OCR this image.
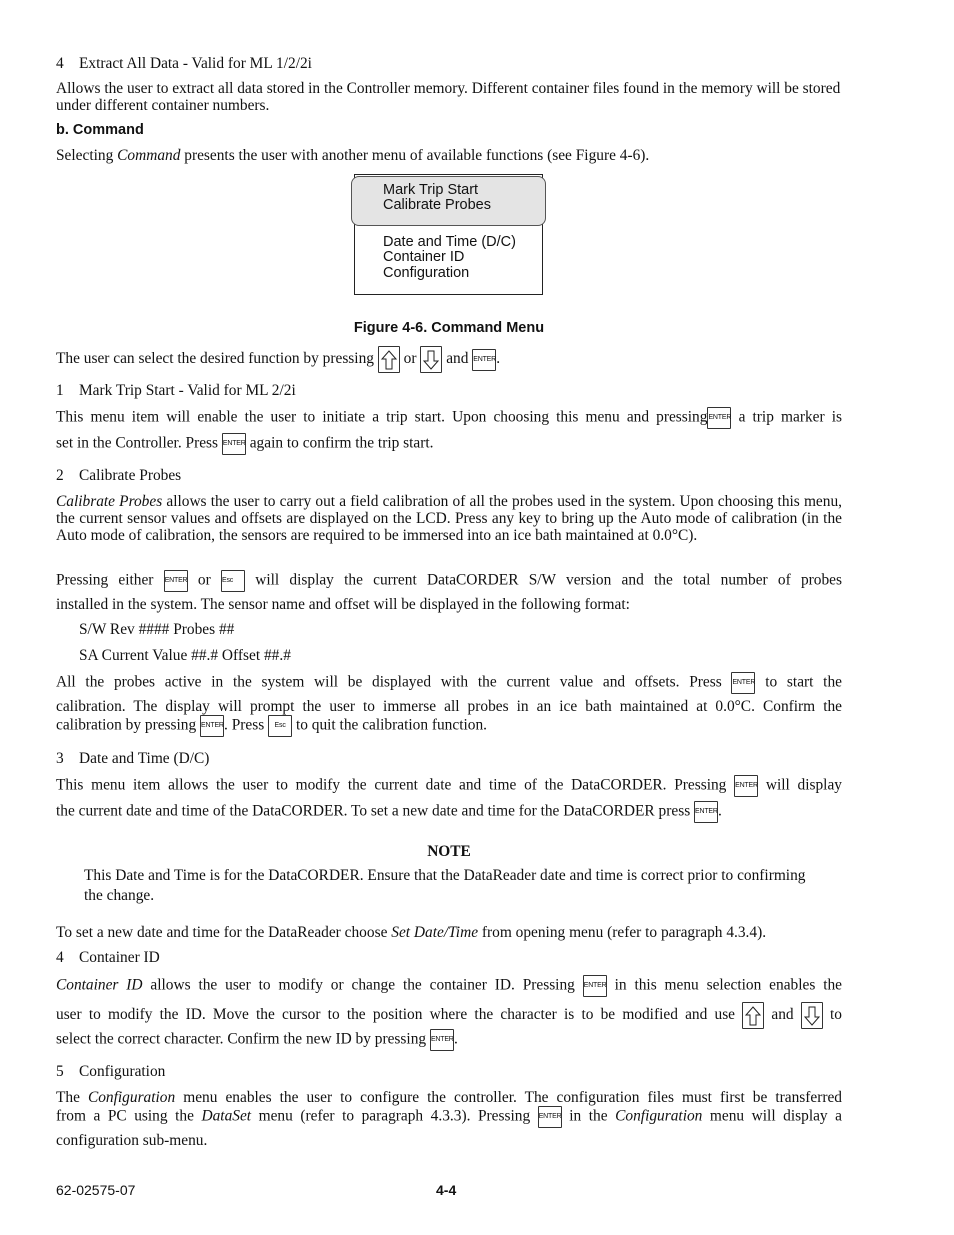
4 Extract All Data - Valid for ML 1/2/2i

Allows the user to extract all data stored in the Controller memory. Different container files found in the memory will be stored under different container numbers.

b. Command

Selecting Command presents the user with another menu of available functions (see Figure 4-6).

Mark Trip Start
Calibrate Probes
Date and Time (D/C)
Container ID
Configuration
Figure 4-6. Command Menu

The user can select the desired function by pressing
or
and ENTER.

1 Mark Trip Start - Valid for ML 2/2i

This menu item will enable the user to initiate a trip start. Upon choosing this menu and pressingENTER a trip marker is

set in the Controller. Press ENTER again to confirm the trip start.

2 Calibrate Probes

Calibrate Probes allows the user to carry out a field calibration of all the probes used in the system. Upon choosing this menu, the current sensor values and offsets are displayed on the LCD. Press any key to bring up the Auto mode of calibration (in the Auto mode of calibration, the sensors are required to be immersed into an ice bath maintained at 0.0°C).

Pressing either ENTER or Esc will display the current DataCORDER S/W version and the total number of probes

installed in the system. The sensor name and offset will be displayed in the following format:

S/W Rev #### Probes ##

SA Current Value ##.# Offset ##.#

All the probes active in the system will be displayed with the current value and offsets. Press ENTER to start the

calibration. The display will prompt the user to immerse all probes in an ice bath maintained at 0.0°C. Confirm the

calibration by pressing ENTER. Press Esc to quit the calibration function.

3 Date and Time (D/C)

This menu item allows the user to modify the current date and time of the DataCORDER. Pressing ENTER will display

the current date and time of the DataCORDER. To set a new date and time for the DataCORDER press ENTER.

NOTE

This Date and Time is for the DataCORDER. Ensure that the DataReader date and time is correct prior to confirming the change.

To set a new date and time for the DataReader choose Set Date/Time from opening menu (refer to paragraph 4.3.4).

4 Container ID

Container ID allows the user to modify or change the container ID. Pressing ENTER in this menu selection enables the

user to modify the ID. Move the cursor to the position where the character is to be modified and use
and
to

select the correct character. Confirm the new ID by pressing ENTER.

5 Configuration

The Configuration menu enables the user to configure the controller. The configuration files must first be transferred

from a PC using the DataSet menu (refer to paragraph 4.3.3). Pressing ENTER in the Configuration menu will display a

configuration sub-menu.

62-02575-07	4-4
